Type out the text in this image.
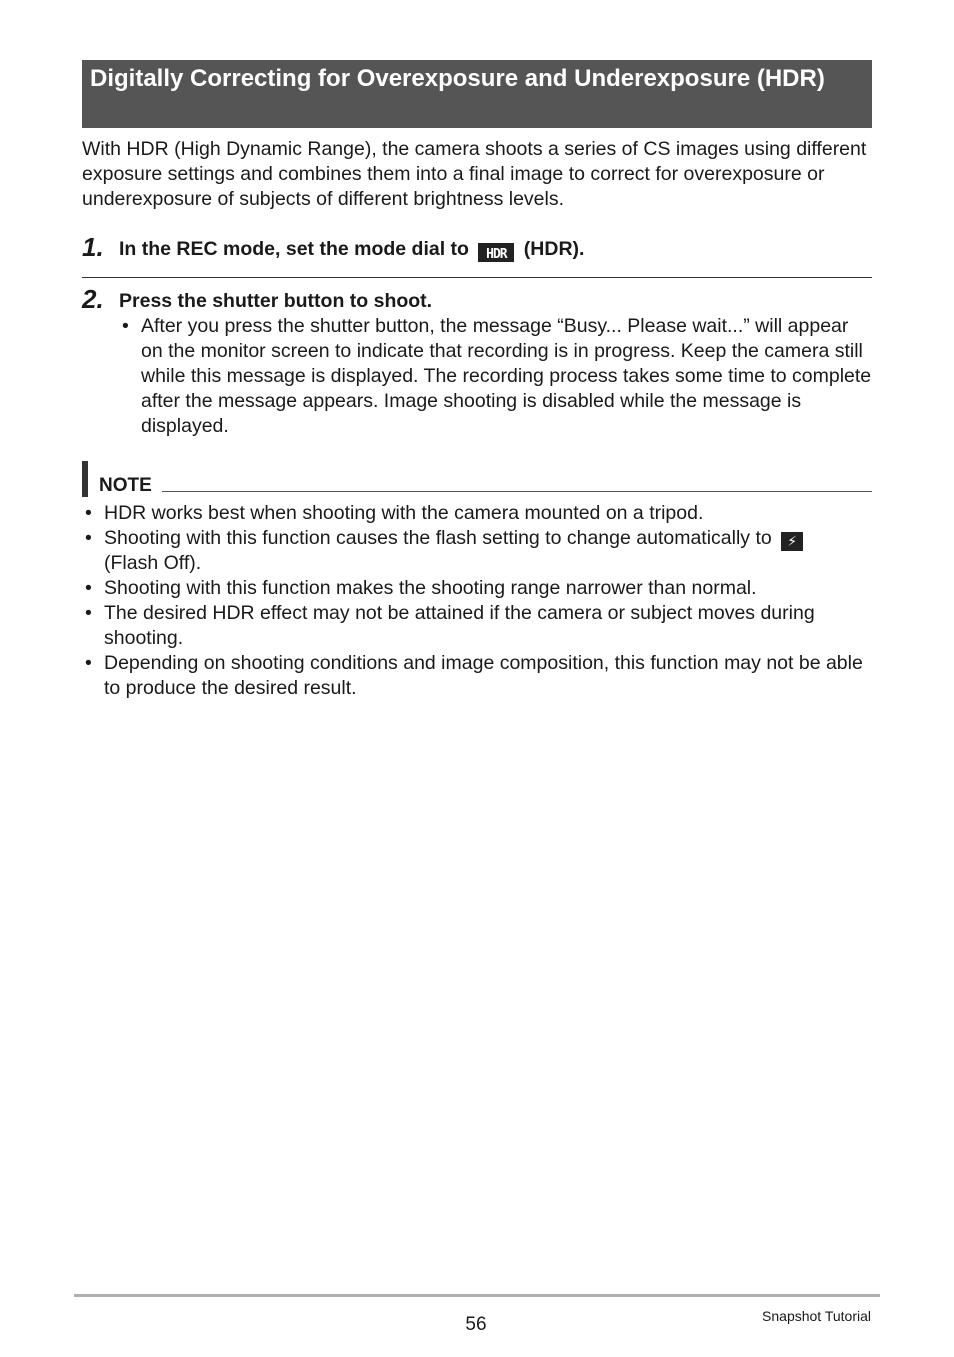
Digitally Correcting for Overexposure and Underexposure (HDR)

With HDR (High Dynamic Range), the camera shoots a series of CS images using different exposure settings and combines them into a final image to correct for overexposure or underexposure of subjects of different brightness levels.

1. In the REC mode, set the mode dial to HDR (HDR).
2. Press the shutter button to shoot.
• After you press the shutter button, the message “Busy... Please wait...” will appear on the monitor screen to indicate that recording is in progress. Keep the camera still while this message is displayed. The recording process takes some time to complete after the message appears. Image shooting is disabled while the message is displayed.
NOTE
• HDR works best when shooting with the camera mounted on a tripod.
• Shooting with this function causes the flash setting to change automatically to ⚡
(Flash Off).
• Shooting with this function makes the shooting range narrower than normal.
• The desired HDR effect may not be attained if the camera or subject moves during shooting.
• Depending on shooting conditions and image composition, this function may not be able to produce the desired result.
56	Snapshot Tutorial
